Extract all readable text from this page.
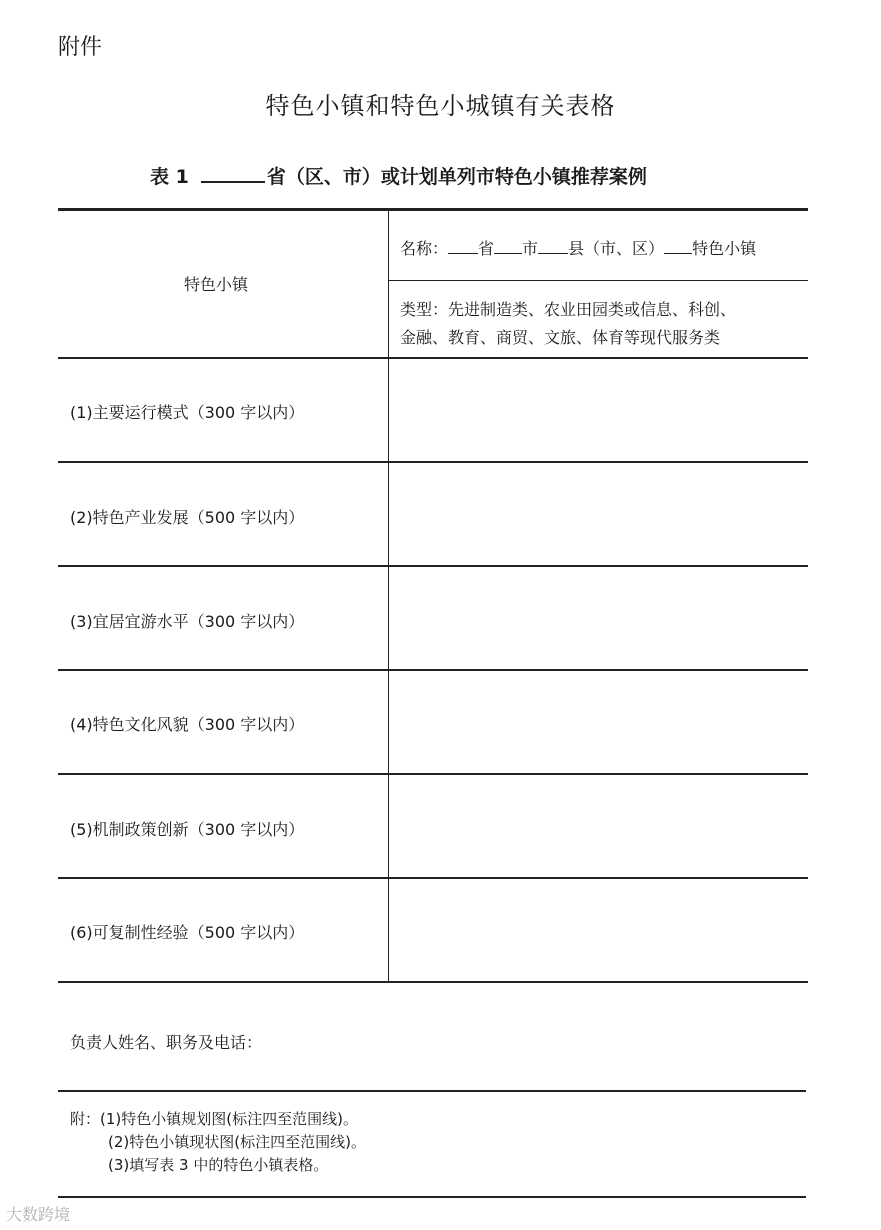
附件
特色小镇和特色小城镇有关表格
表 1	省（区、市）或计划单列市特色小镇推荐案例
特色小镇
名称： 省 市 县（市、区） 特色小镇
类型：先进制造类、农业田园类或信息、科创、
金融、教育、商贸、文旅、体育等现代服务类
(1)主要运行模式（300 字以内）
(2)特色产业发展（500 字以内）
(3)宜居宜游水平（300 字以内）
(4)特色文化风貌（300 字以内）
(5)机制政策创新（300 字以内）
(6)可复制性经验（500 字以内）
负责人姓名、职务及电话：
附：(1)特色小镇规划图(标注四至范围线)。
(2)特色小镇现状图(标注四至范围线)。
(3)填写表 3 中的特色小镇表格。
大数跨境
